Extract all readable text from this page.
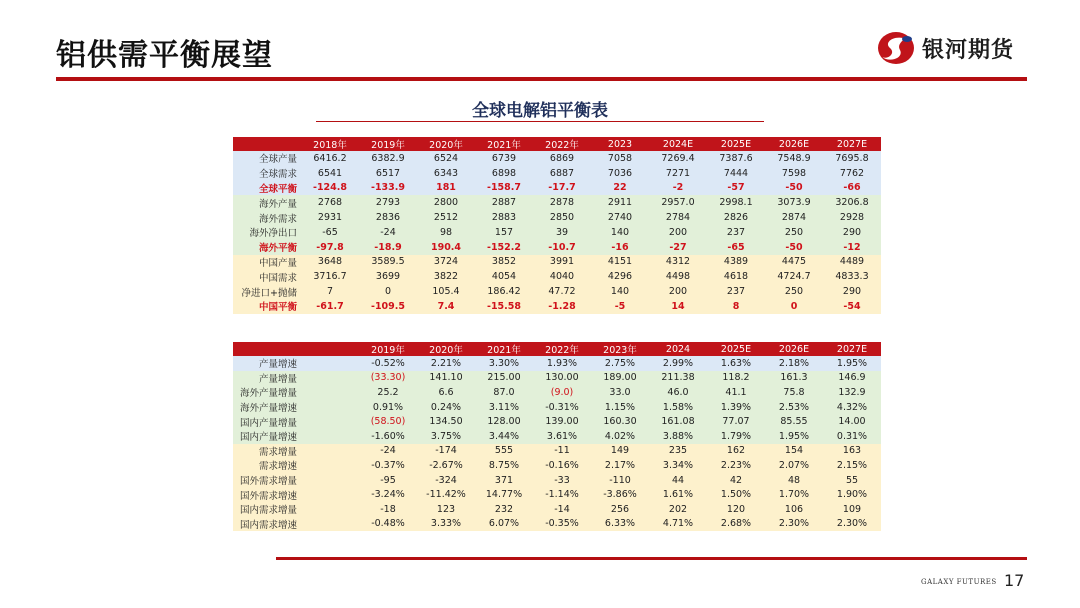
铝供需平衡展望	银河期货
全球电解铝平衡表
	2018年	2019年	2020年	2021年	2022年	2023	2024E	2025E	2026E	2027E
全球产量	6416.2	6382.9	6524	6739	6869	7058	7269.4	7387.6	7548.9	7695.8
全球需求	6541	6517	6343	6898	6887	7036	7271	7444	7598	7762
全球平衡	-124.8	-133.9	181	-158.7	-17.7	22	-2	-57	-50	-66
海外产量	2768	2793	2800	2887	2878	2911	2957.0	2998.1	3073.9	3206.8
海外需求	2931	2836	2512	2883	2850	2740	2784	2826	2874	2928
海外净出口	-65	-24	98	157	39	140	200	237	250	290
海外平衡	-97.8	-18.9	190.4	-152.2	-10.7	-16	-27	-65	-50	-12
中国产量	3648	3589.5	3724	3852	3991	4151	4312	4389	4475	4489
中国需求	3716.7	3699	3822	4054	4040	4296	4498	4618	4724.7	4833.3
净进口+抛储	7	0	105.4	186.42	47.72	140	200	237	250	290
中国平衡	-61.7	-109.5	7.4	-15.58	-1.28	-5	14	8	0	-54
		2019年	2020年	2021年	2022年	2023年	2024	2025E	2026E	2027E
产量增速		-0.52%	2.21%	3.30%	1.93%	2.75%	2.99%	1.63%	2.18%	1.95%
产量增量		(33.30)	141.10	215.00	130.00	189.00	211.38	118.2	161.3	146.9
海外产量增量		25.2	6.6	87.0	(9.0)	33.0	46.0	41.1	75.8	132.9
海外产量增速		0.91%	0.24%	3.11%	-0.31%	1.15%	1.58%	1.39%	2.53%	4.32%
国内产量增量		(58.50)	134.50	128.00	139.00	160.30	161.08	77.07	85.55	14.00
国内产量增速		-1.60%	3.75%	3.44%	3.61%	4.02%	3.88%	1.79%	1.95%	0.31%
需求增量		-24	-174	555	-11	149	235	162	154	163
需求增速		-0.37%	-2.67%	8.75%	-0.16%	2.17%	3.34%	2.23%	2.07%	2.15%
国外需求增量		-95	-324	371	-33	-110	44	42	48	55
国外需求增速		-3.24%	-11.42%	14.77%	-1.14%	-3.86%	1.61%	1.50%	1.70%	1.90%
国内需求增量		-18	123	232	-14	256	202	120	106	109
国内需求增速		-0.48%	3.33%	6.07%	-0.35%	6.33%	4.71%	2.68%	2.30%	2.30%
GALAXY FUTURES 17
